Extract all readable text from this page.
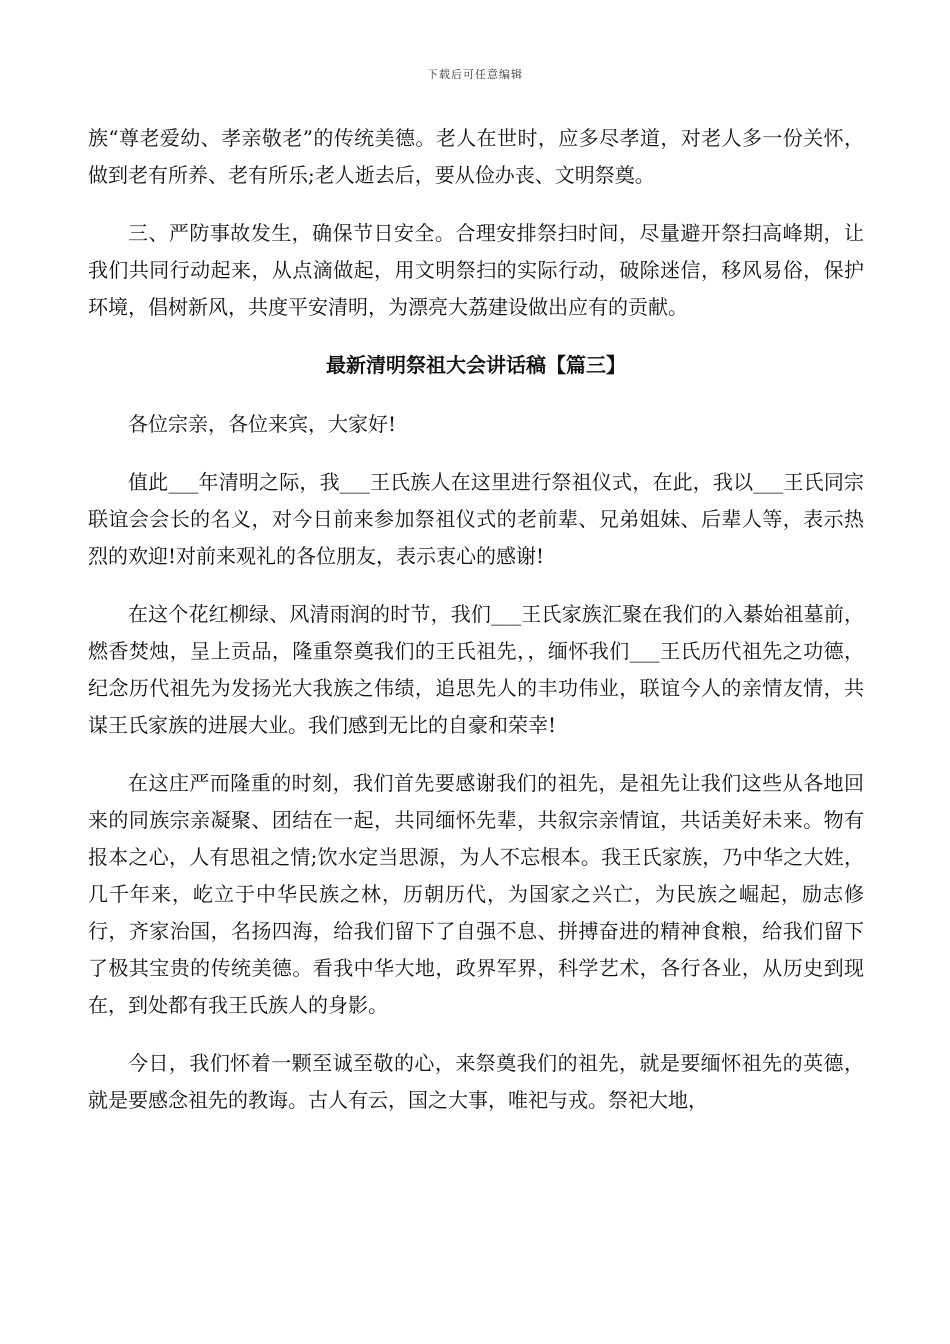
下载后可任意编辑

族“尊老爱幼、孝亲敬老”的传统美德。老人在世时，应多尽孝道，对老人多一份关怀，做到老有所养、老有所乐;老人逝去后，要从俭办丧、文明祭奠。

三、严防事故发生，确保节日安全。合理安排祭扫时间，尽量避开祭扫高峰期，让我们共同行动起来，从点滴做起，用文明祭扫的实际行动，破除迷信，移风易俗，保护环境，倡树新风，共度平安清明，为漂亮大荔建设做出应有的贡献。

最新清明祭祖大会讲话稿【篇三】

各位宗亲，各位来宾，大家好!

值此___年清明之际，我___王氏族人在这里进行祭祖仪式，在此，我以___王氏同宗联谊会会长的名义，对今日前来参加祭祖仪式的老前辈、兄弟姐妹、后辈人等，表示热烈的欢迎!对前来观礼的各位朋友，表示衷心的感谢!

在这个花红柳绿、风清雨润的时节，我们___王氏家族汇聚在我们的入綦始祖墓前，燃香焚烛，呈上贡品，隆重祭奠我们的王氏祖先，，缅怀我们___王氏历代祖先之功德，纪念历代祖先为发扬光大我族之伟绩，追思先人的丰功伟业，联谊今人的亲情友情，共谋王氏家族的进展大业。我们感到无比的自豪和荣幸!

在这庄严而隆重的时刻，我们首先要感谢我们的祖先，是祖先让我们这些从各地回来的同族宗亲凝聚、团结在一起，共同缅怀先辈，共叙宗亲情谊，共话美好未来。物有报本之心，人有思祖之情;饮水定当思源，为人不忘根本。我王氏家族，乃中华之大姓，几千年来，屹立于中华民族之林，历朝历代，为国家之兴亡，为民族之崛起，励志修行，齐家治国，名扬四海，给我们留下了自强不息、拼搏奋进的精神食粮，给我们留下了极其宝贵的传统美德。看我中华大地，政界军界，科学艺术，各行各业，从历史到现在，到处都有我王氏族人的身影。

今日，我们怀着一颗至诚至敬的心，来祭奠我们的祖先，就是要缅怀祖先的英德，就是要感念祖先的教诲。古人有云，国之大事，唯祀与戎。祭祀大地，
